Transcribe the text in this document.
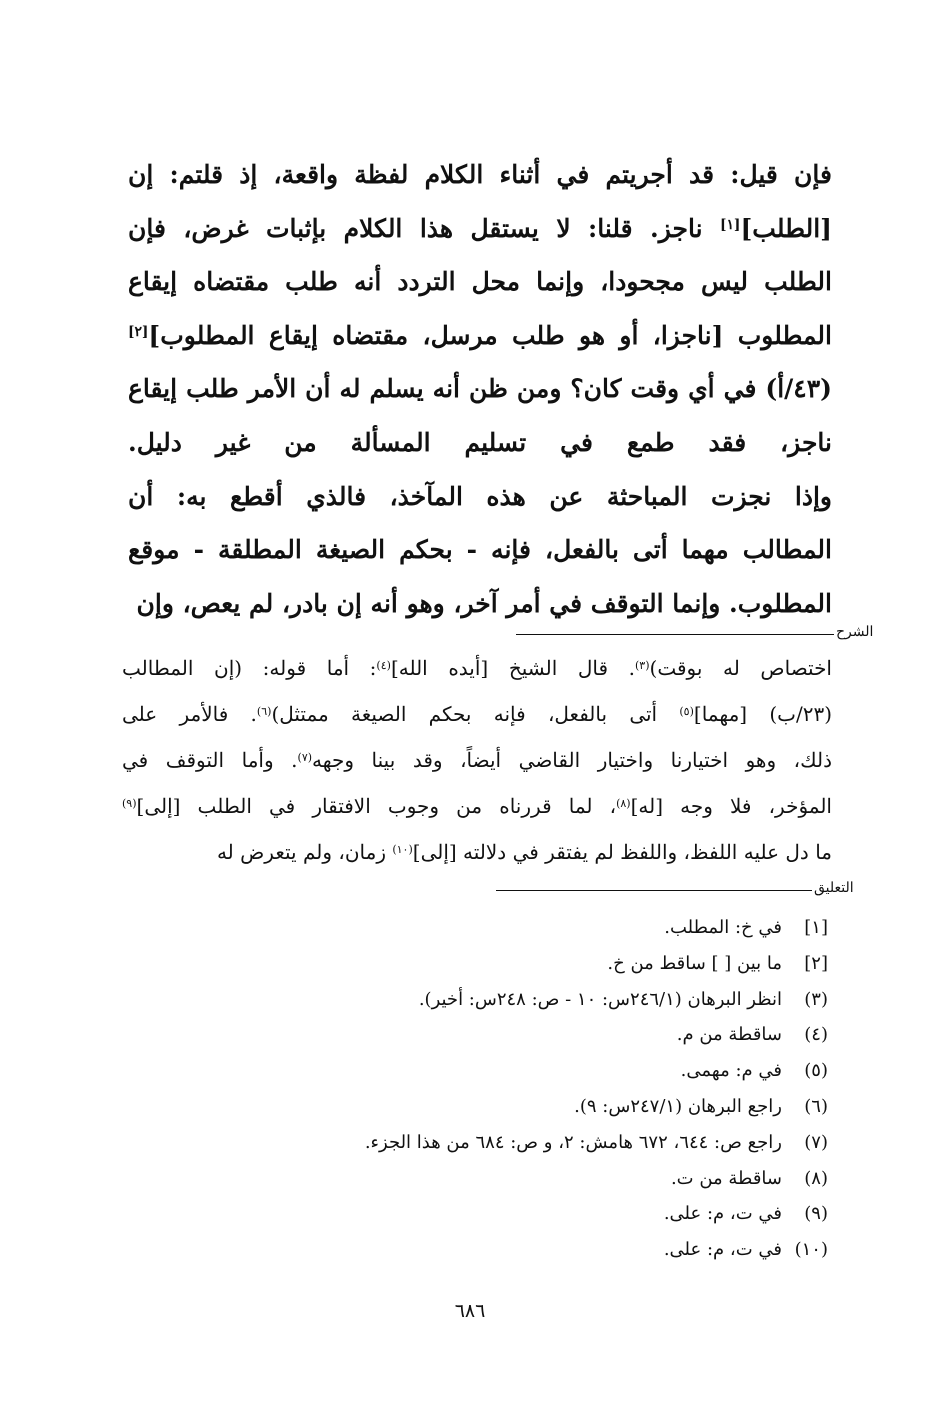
فإن قيل: قد أجريتم في أثناء الكلام لفظة واقعة، إذ قلتم: إن
[الطلب][١] ناجز. قلنا: لا يستقل هذا الكلام بإثبات غرض، فإن
الطلب ليس مجحودا، وإنما محل التردد أنه طلب مقتضاه إيقاع
المطلوب [ناجزا، أو هو طلب مرسل، مقتضاه إيقاع المطلوب][٢]
(٤٣/أ) في أي وقت كان؟ ومن ظن أنه يسلم له أن الأمر طلب إيقاع
ناجز، فقد طمع في تسليم المسألة من غير دليل.
وإذا نجزت المباحثة عن هذه المآخذ، فالذي أقطع به: أن
المطالب مهما أتى بالفعل، فإنه - بحكم الصيغة المطلقة - موقع
المطلوب. وإنما التوقف في أمر آخر، وهو أنه إن بادر، لم يعص، وإن
الشرح
اختصاص له بوقت)$^{(٣)}$. قال الشيخ [أيده الله]$^{(٤)}$: أما قوله: (إن المطالب
(٢٣/ب) [مهما]$^{(٥)}$ أتى بالفعل، فإنه بحكم الصيغة ممتثل)$^{(٦)}$. فالأمر على
ذلك، وهو اختيارنا واختيار القاضي أيضاً، وقد بينا وجهه$^{(٧)}$. وأما التوقف في
المؤخر، فلا وجه [له]$^{(٨)}$، لما قررناه من وجوب الافتقار في الطلب [إلى]$^{(٩)}$
ما دل عليه اللفظ، واللفظ لم يفتقر في دلالته [إلى]$^{(١٠)}$ زمان، ولم يتعرض له
التعليق
[١]
في خ: المطلب.
[٢]
ما بين [ ] ساقط من خ.
(٣)
انظر البرهان (٢٤٦/١س: ١٠ - ص: ٢٤٨س: أخير).
(٤)
ساقطة من م.
(٥)
في م: مهمى.
(٦)
راجع البرهان (٢٤٧/١س: ٩).
(٧)
راجع ص: ٦٤٤، ٦٧٢ هامش: ٢، و ص: ٦٨٤ من هذا الجزء.
(٨)
ساقطة من ت.
(٩)
في ت، م: على.
(١٠)
في ت، م: على.
٦٨٦
